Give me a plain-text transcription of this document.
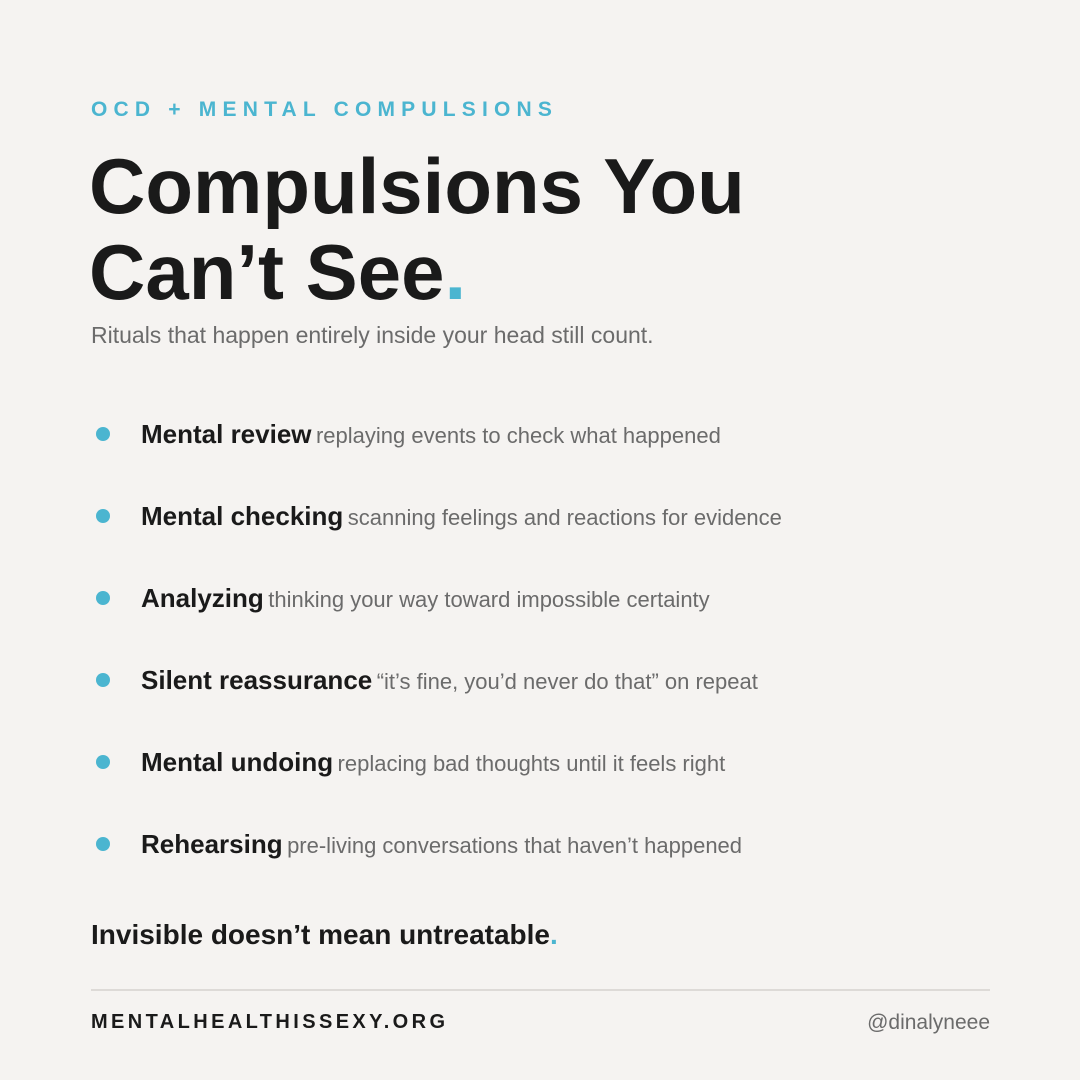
OCD + MENTAL COMPULSIONS
Compulsions You
Can’t See.
Rituals that happen entirely inside your head still count.
Mental review replaying events to check what happened
Mental checking scanning feelings and reactions for evidence
Analyzing thinking your way toward impossible certainty
Silent reassurance “it’s fine, you’d never do that” on repeat
Mental undoing replacing bad thoughts until it feels right
Rehearsing pre-living conversations that haven’t happened
Invisible doesn’t mean untreatable.
MENTALHEALTHISSEXY.ORG	@dinalyneee
